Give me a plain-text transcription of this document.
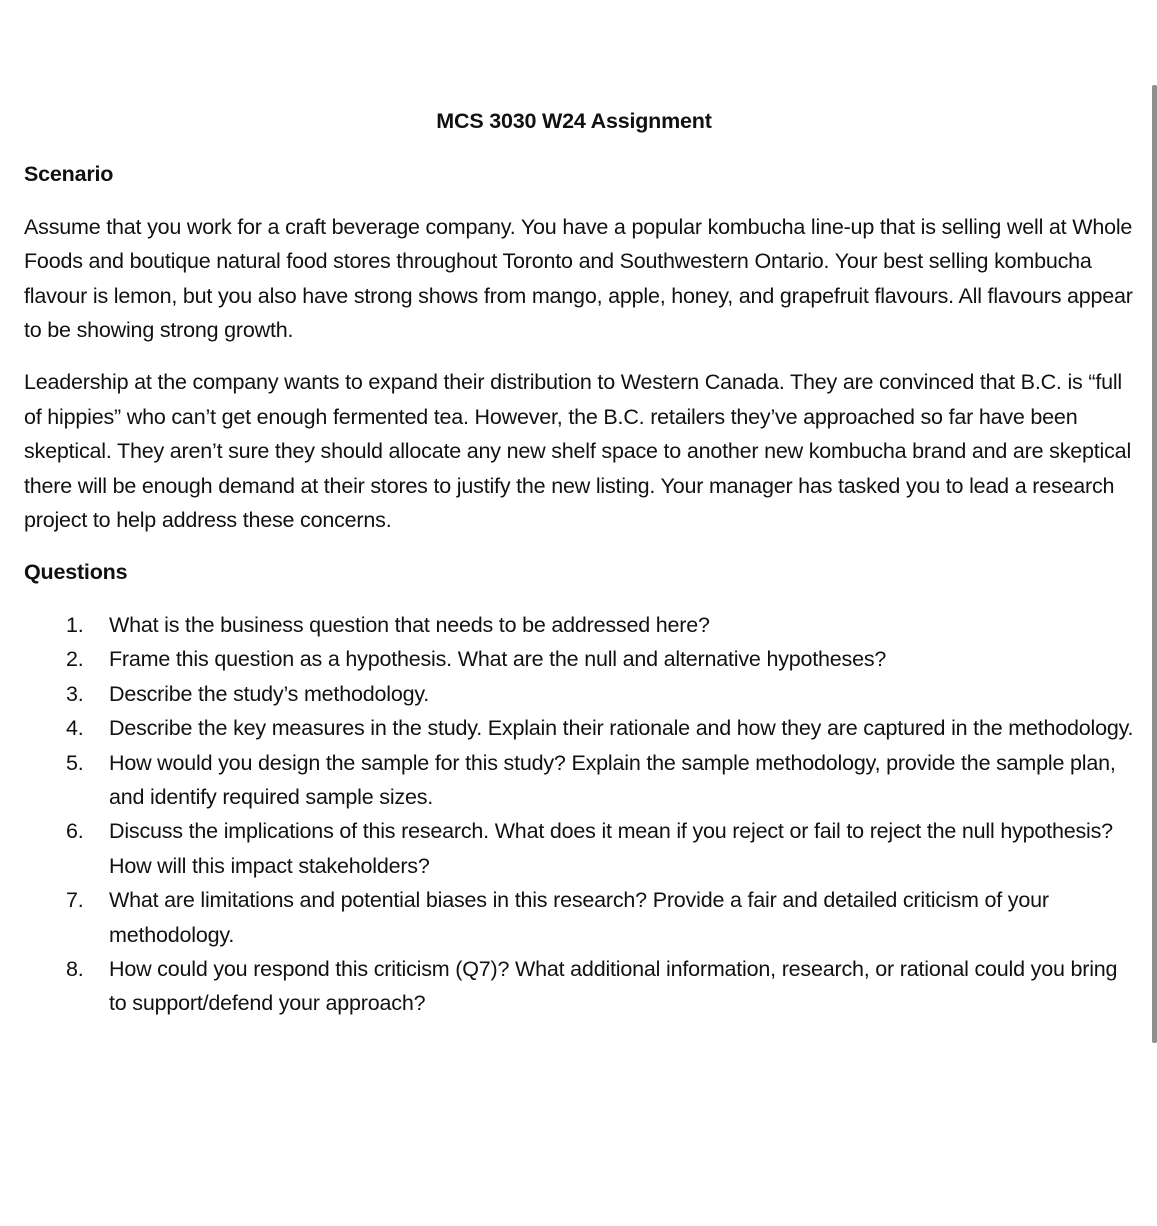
MCS 3030 W24 Assignment
Scenario

Assume that you work for a craft beverage company. You have a popular kombucha line-up that is selling well at Whole Foods and boutique natural food stores throughout Toronto and Southwestern Ontario. Your best selling kombucha flavour is lemon, but you also have strong shows from mango, apple, honey, and grapefruit flavours. All flavours appear to be showing strong growth.

Leadership at the company wants to expand their distribution to Western Canada. They are convinced that B.C. is “full of hippies” who can’t get enough fermented tea. However, the B.C. retailers they’ve approached so far have been skeptical. They aren’t sure they should allocate any new shelf space to another new kombucha brand and are skeptical there will be enough demand at their stores to justify the new listing. Your manager has tasked you to lead a research project to help address these concerns.

Questions
1. What is the business question that needs to be addressed here?
2. Frame this question as a hypothesis. What are the null and alternative hypotheses?
3. Describe the study’s methodology.
4. Describe the key measures in the study. Explain their rationale and how they are captured in the methodology.
5. How would you design the sample for this study? Explain the sample methodology, provide the sample plan, and identify required sample sizes.
6. Discuss the implications of this research. What does it mean if you reject or fail to reject the null hypothesis? How will this impact stakeholders?
7. What are limitations and potential biases in this research? Provide a fair and detailed criticism of your methodology.
8. How could you respond this criticism (Q7)? What additional information, research, or rational could you bring to support/defend your approach?
